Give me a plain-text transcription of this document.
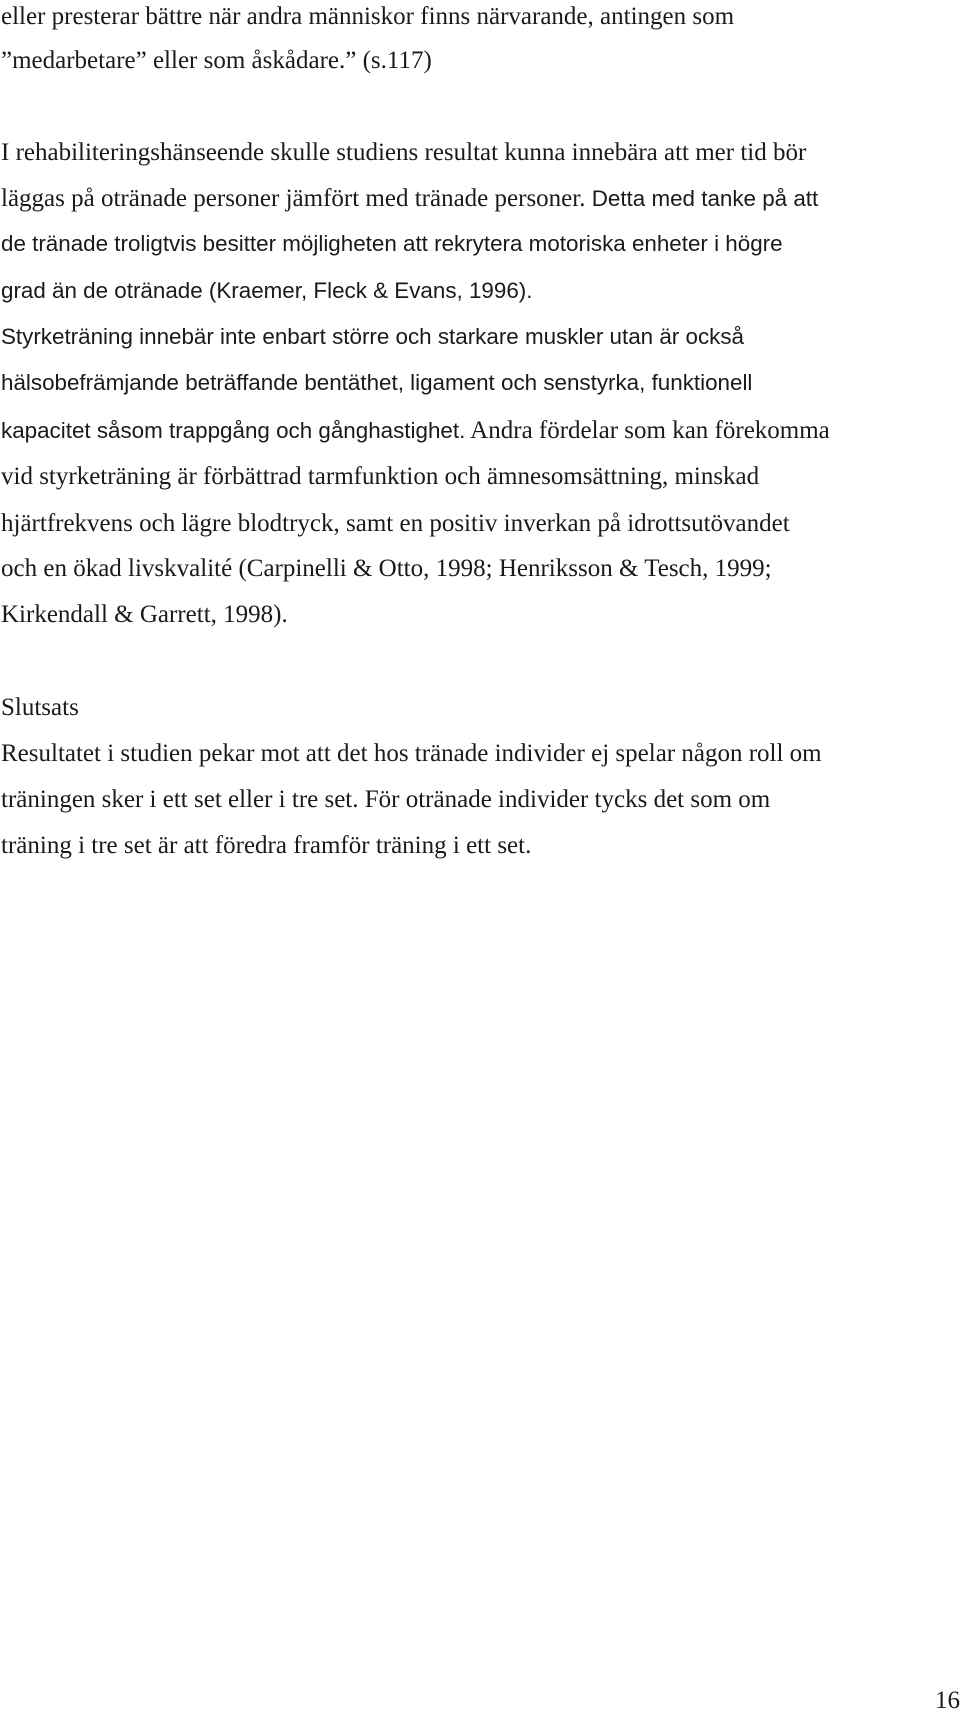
eller presterar bättre när andra människor finns närvarande, antingen som
”medarbetare” eller som åskådare.” (s.117)
I rehabiliteringshänseende skulle studiens resultat kunna innebära att mer tid bör
läggas på otränade personer jämfört med tränade personer. Detta med tanke på att
de tränade troligtvis besitter möjligheten att rekrytera motoriska enheter i högre
grad än de otränade (Kraemer, Fleck & Evans, 1996).
Styrketräning innebär inte enbart större och starkare muskler utan är också
hälsobefrämjande beträffande bentäthet, ligament och senstyrka, funktionell
kapacitet såsom trappgång och gånghastighet. Andra fördelar som kan förekomma
vid styrketräning är förbättrad tarmfunktion och ämnesomsättning, minskad
hjärtfrekvens och lägre blodtryck, samt en positiv inverkan på idrottsutövandet
och en ökad livskvalité (Carpinelli & Otto, 1998; Henriksson & Tesch, 1999;
Kirkendall & Garrett, 1998).
Slutsats
Resultatet i studien pekar mot att det hos tränade individer ej spelar någon roll om
träningen sker i ett set eller i tre set. För otränade individer tycks det som om
träning i tre set är att föredra framför träning i ett set.
16
